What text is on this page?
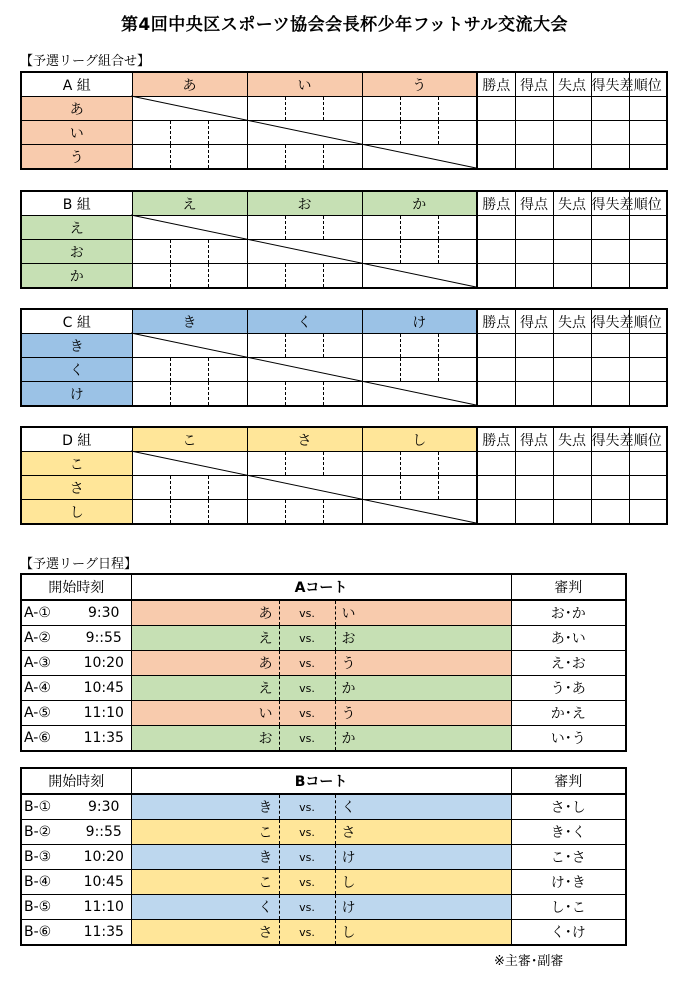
第4回中央区スポーツ協会会長杯少年フットサル交流大会
【予選リーグ組合せ】
A 組	あ			い			う			勝点	得点	失点	得失差	順位
あ														
い														
う														
B 組	え			お			か			勝点	得点	失点	得失差	順位
え														
お														
か														
C 組	き			く			け			勝点	得点	失点	得失差	順位
き														
く														
け														
D 組	こ			さ			し			勝点	得点	失点	得失差	順位
こ														
さ														
し														
【予選リーグ日程】
開始時刻		Aコート			審判
A-①	9:30	あ	vs.	い	お･か
A-②	9::55	え	vs.	お	あ･い
A-③	10:20	あ	vs.	う	え･お
A-④	10:45	え	vs.	か	う･あ
A-⑤	11:10	い	vs.	う	か･え
A-⑥	11:35	お	vs.	か	い･う
開始時刻		Bコート			審判
B-①	9:30	き	vs.	く	さ･し
B-②	9::55	こ	vs.	さ	き･く
B-③	10:20	き	vs.	け	こ･さ
B-④	10:45	こ	vs.	し	け･き
B-⑤	11:10	く	vs.	け	し･こ
B-⑥	11:35	さ	vs.	し	く･け
※主審･副審
